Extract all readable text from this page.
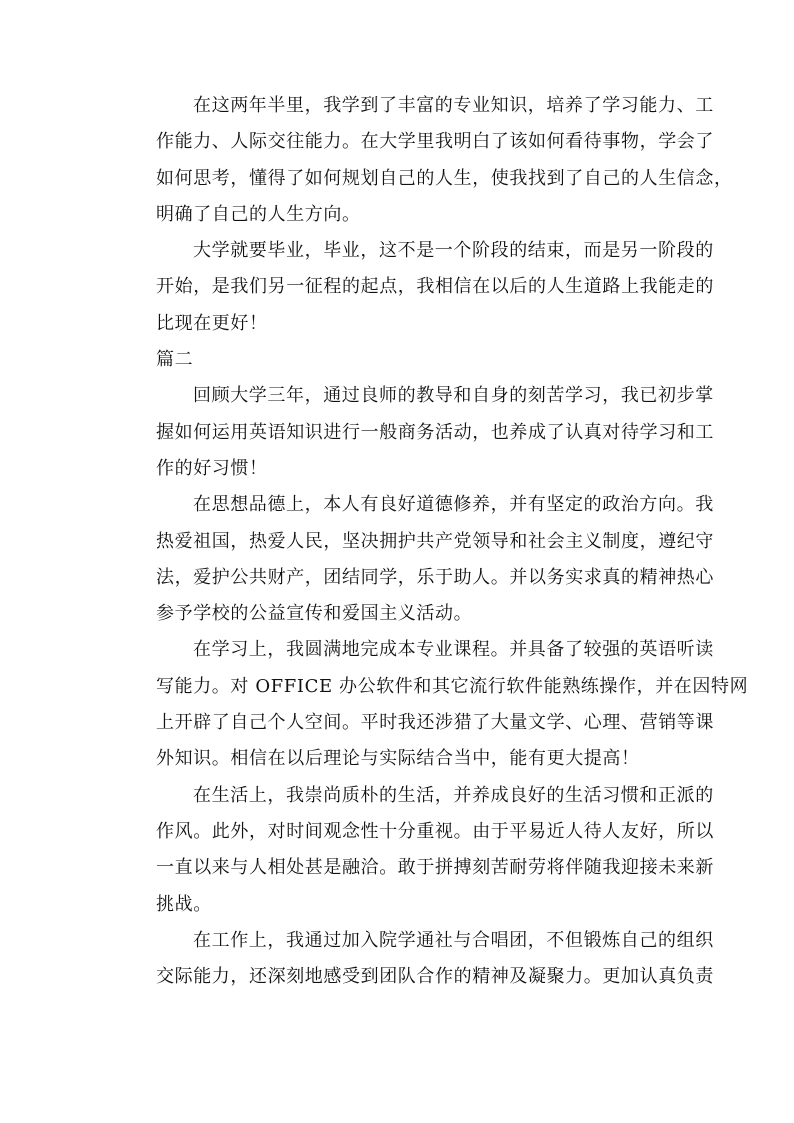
在这两年半里，我学到了丰富的专业知识，培养了学习能力、工
作能力、人际交往能力。在大学里我明白了该如何看待事物，学会了
如何思考，懂得了如何规划自己的人生，使我找到了自己的人生信念，
明确了自己的人生方向。
大学就要毕业，毕业，这不是一个阶段的结束，而是另一阶段的
开始，是我们另一征程的起点，我相信在以后的人生道路上我能走的
比现在更好！
篇二
回顾大学三年，通过良师的教导和自身的刻苦学习，我已初步掌
握如何运用英语知识进行一般商务活动，也养成了认真对待学习和工
作的好习惯！
在思想品德上，本人有良好道德修养，并有坚定的政治方向。我
热爱祖国，热爱人民，坚决拥护共产党领导和社会主义制度，遵纪守
法，爱护公共财产，团结同学，乐于助人。并以务实求真的精神热心
参予学校的公益宣传和爱国主义活动。
在学习上，我圆满地完成本专业课程。并具备了较强的英语听读
写能力。对 OFFICE 办公软件和其它流行软件能熟练操作，并在因特网
上开辟了自己个人空间。平时我还涉猎了大量文学、心理、营销等课
外知识。相信在以后理论与实际结合当中，能有更大提高！
在生活上，我崇尚质朴的生活，并养成良好的生活习惯和正派的
作风。此外，对时间观念性十分重视。由于平易近人待人友好，所以
一直以来与人相处甚是融洽。敢于拼搏刻苦耐劳将伴随我迎接未来新
挑战。
在工作上，我通过加入院学通社与合唱团，不但锻炼自己的组织
交际能力，还深刻地感受到团队合作的精神及凝聚力。更加认真负责
